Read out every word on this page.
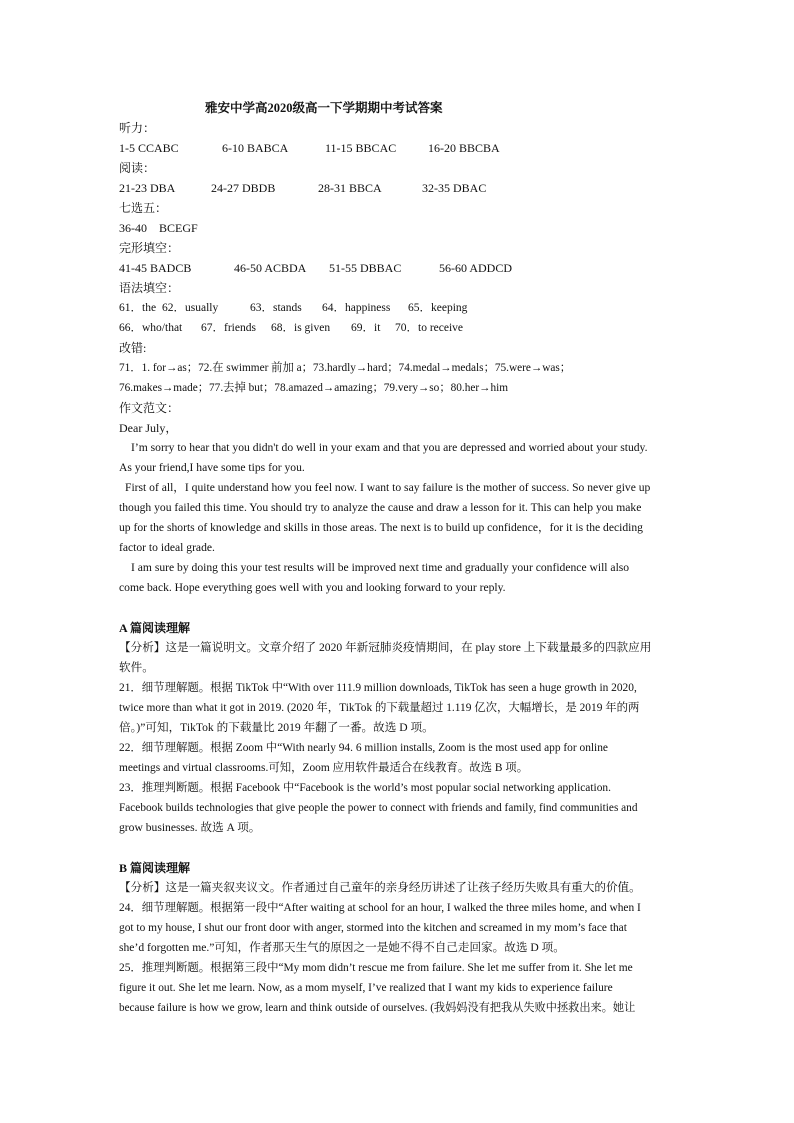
雅安中学高2020级高一下学期期中考试答案
听力：
1-5 CCABC	6-10 BABCA	11-15 BBCAC	16-20 BBCBA
阅读：
21-23 DBA	24-27 DBDB	28-31 BBCA	32-35 DBAC
七选五：
36-40    BCEGF
完形填空：
41-45 BADCB	46-50 ACBDA	51-55 DBBAC	56-60 ADDCD
语法填空：
61．the 62．usually	63．stands	64．happiness	65．keeping
66．who/that	67．friends	68．is given	69．it	70．to receive
改错:
71．1. for→as；72.在 swimmer 前加 a；73.hardly→hard；74.medal→medals；75.were→was；
76.makes→made；77.去掉 but；78.amazed→amazing；79.very→so；80.her→him
作文范文：
Dear July，
I’m sorry to hear that you didn't do well in your exam and that you are depressed and worried about your study.
As your friend,I have some tips for you.
First of all，I quite understand how you feel now. I want to say failure is the mother of success. So never give up
though you failed this time. You should try to analyze the cause and draw a lesson for it. This can help you make
up for the shorts of knowledge and skills in those areas. The next is to build up confidence，for it is the deciding
factor to ideal grade.
I am sure by doing this your test results will be improved next time and gradually your confidence will also
come back. Hope everything goes well with you and looking forward to your reply.
A 篇阅读理解
【分析】这是一篇说明文。文章介绍了 2020 年新冠肺炎疫情期间，在 play store 上下载量最多的四款应用
软件。
21．细节理解题。根据 TikTok 中“With over 111.9 million downloads, TikTok has seen a huge growth in 2020,
twice more than what it got in 2019. (2020 年，TikTok 的下载量超过 1.119 亿次，大幅增长，是 2019 年的两
倍。)”可知，TikTok 的下载量比 2019 年翻了一番。故选 D 项。
22．细节理解题。根据 Zoom 中“With nearly 94. 6 million installs, Zoom is the most used app for online
meetings and virtual classrooms.可知，Zoom 应用软件最适合在线教育。故选 B 项。
23．推理判断题。根据 Facebook 中“Facebook is the world’s most popular social networking application.
Facebook builds technologies that give people the power to connect with friends and family, find communities and
grow businesses. 故选 A 项。
B 篇阅读理解
【分析】这是一篇夹叙夹议文。作者通过自己童年的亲身经历讲述了让孩子经历失败具有重大的价值。
24．细节理解题。根据第一段中“After waiting at school for an hour, I walked the three miles home, and when I
got to my house, I shut our front door with anger, stormed into the kitchen and screamed in my mom’s face that
she’d forgotten me.”可知，作者那天生气的原因之一是她不得不自己走回家。故选 D 项。
25．推理判断题。根据第三段中“My mom didn’t rescue me from failure. She let me suffer from it. She let me
figure it out. She let me learn. Now, as a mom myself, I’ve realized that I want my kids to experience failure
because failure is how we grow, learn and think outside of ourselves. (我妈妈没有把我从失败中拯救出来。她让
